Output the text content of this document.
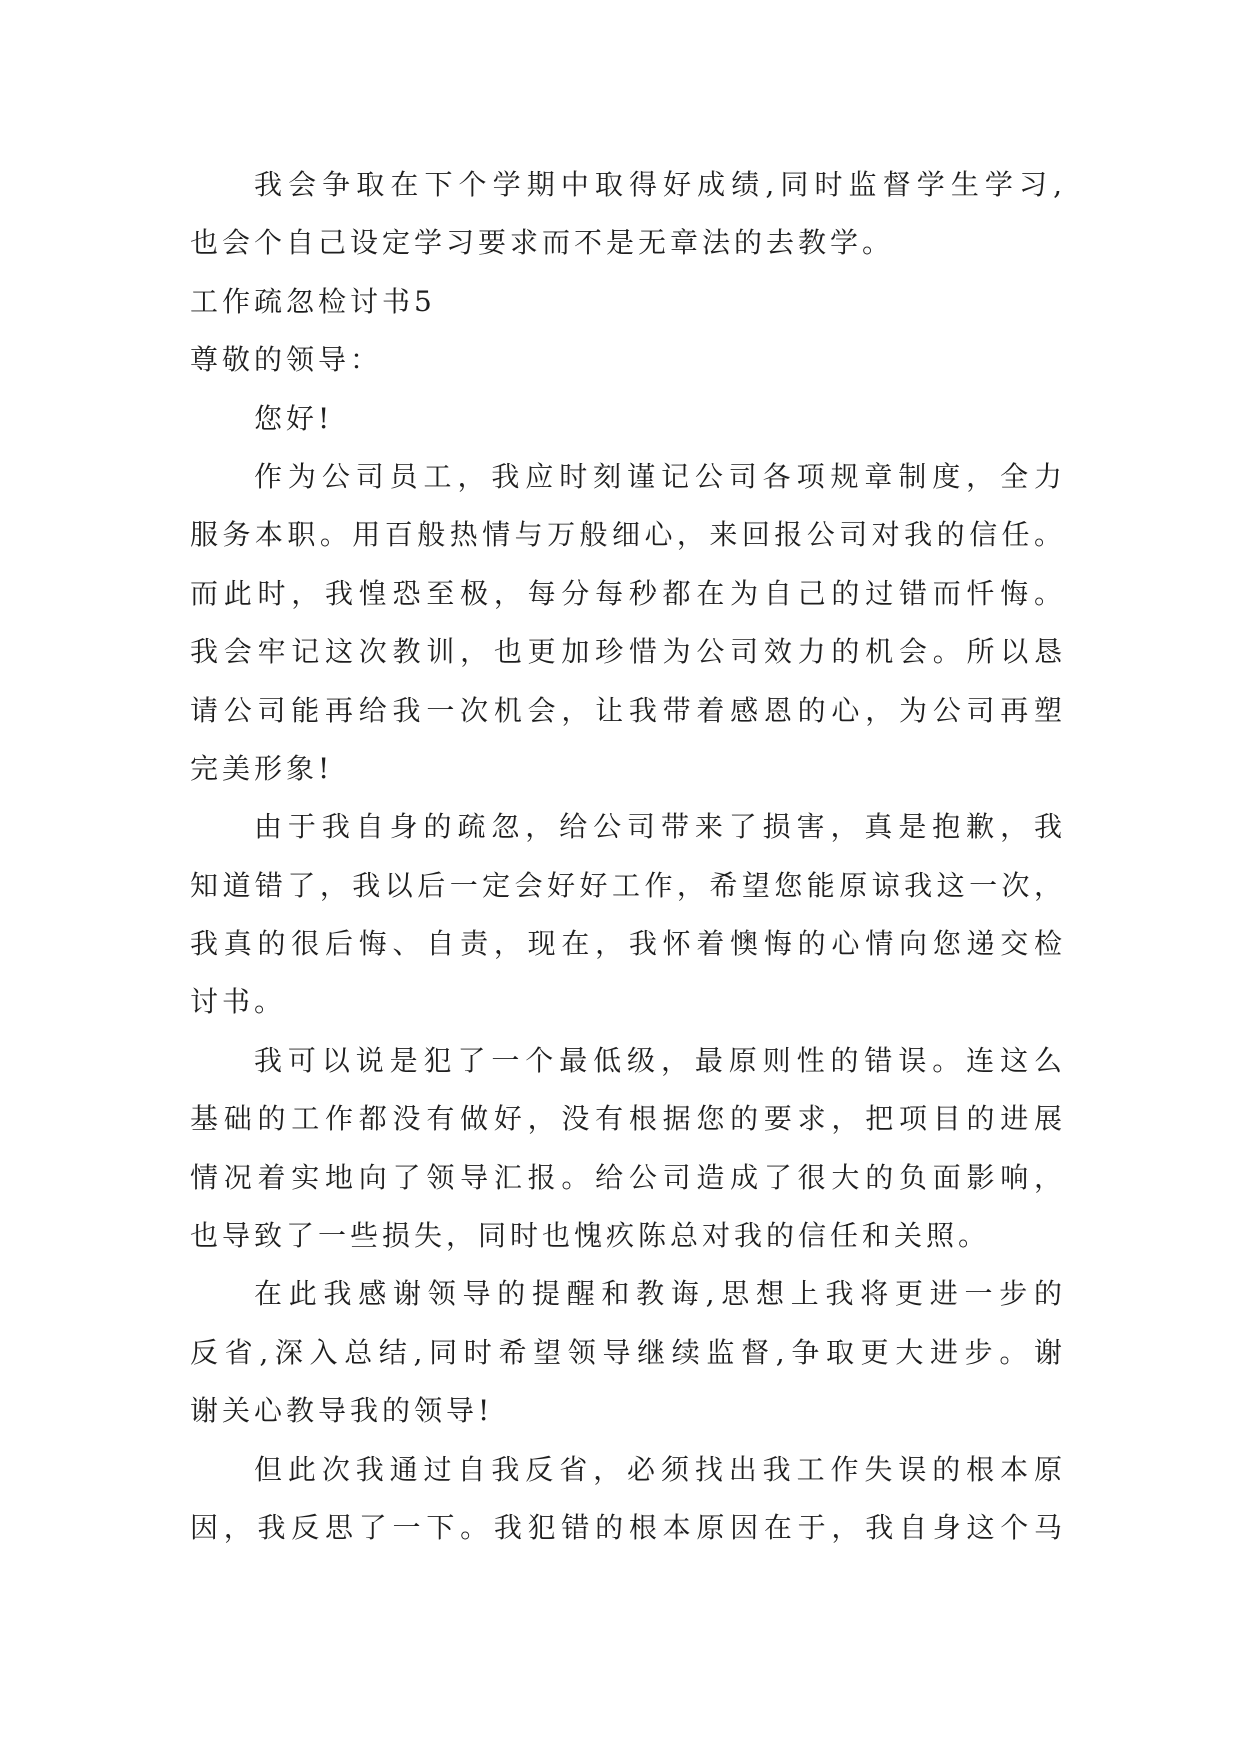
我会争取在下个学期中取得好成绩,同时监督学生学习,
也会个自己设定学习要求而不是无章法的去教学。
工作疏忽检讨书5
尊敬的领导：
您好!
作为公司员工，我应时刻谨记公司各项规章制度，全力
服务本职。用百般热情与万般细心，来回报公司对我的信任。
而此时，我惶恐至极，每分每秒都在为自己的过错而忏悔。
我会牢记这次教训，也更加珍惜为公司效力的机会。所以恳
请公司能再给我一次机会，让我带着感恩的心，为公司再塑
完美形象!
由于我自身的疏忽，给公司带来了损害，真是抱歉，我
知道错了，我以后一定会好好工作，希望您能原谅我这一次，
我真的很后悔、自责，现在，我怀着懊悔的心情向您递交检
讨书。
我可以说是犯了一个最低级，最原则性的错误。连这么
基础的工作都没有做好，没有根据您的要求，把项目的进展
情况着实地向了领导汇报。给公司造成了很大的负面影响，
也导致了一些损失，同时也愧疚陈总对我的信任和关照。
在此我感谢领导的提醒和教诲,思想上我将更进一步的
反省,深入总结,同时希望领导继续监督,争取更大进步。谢
谢关心教导我的领导!
但此次我通过自我反省，必须找出我工作失误的根本原
因，我反思了一下。我犯错的根本原因在于，我自身这个马
